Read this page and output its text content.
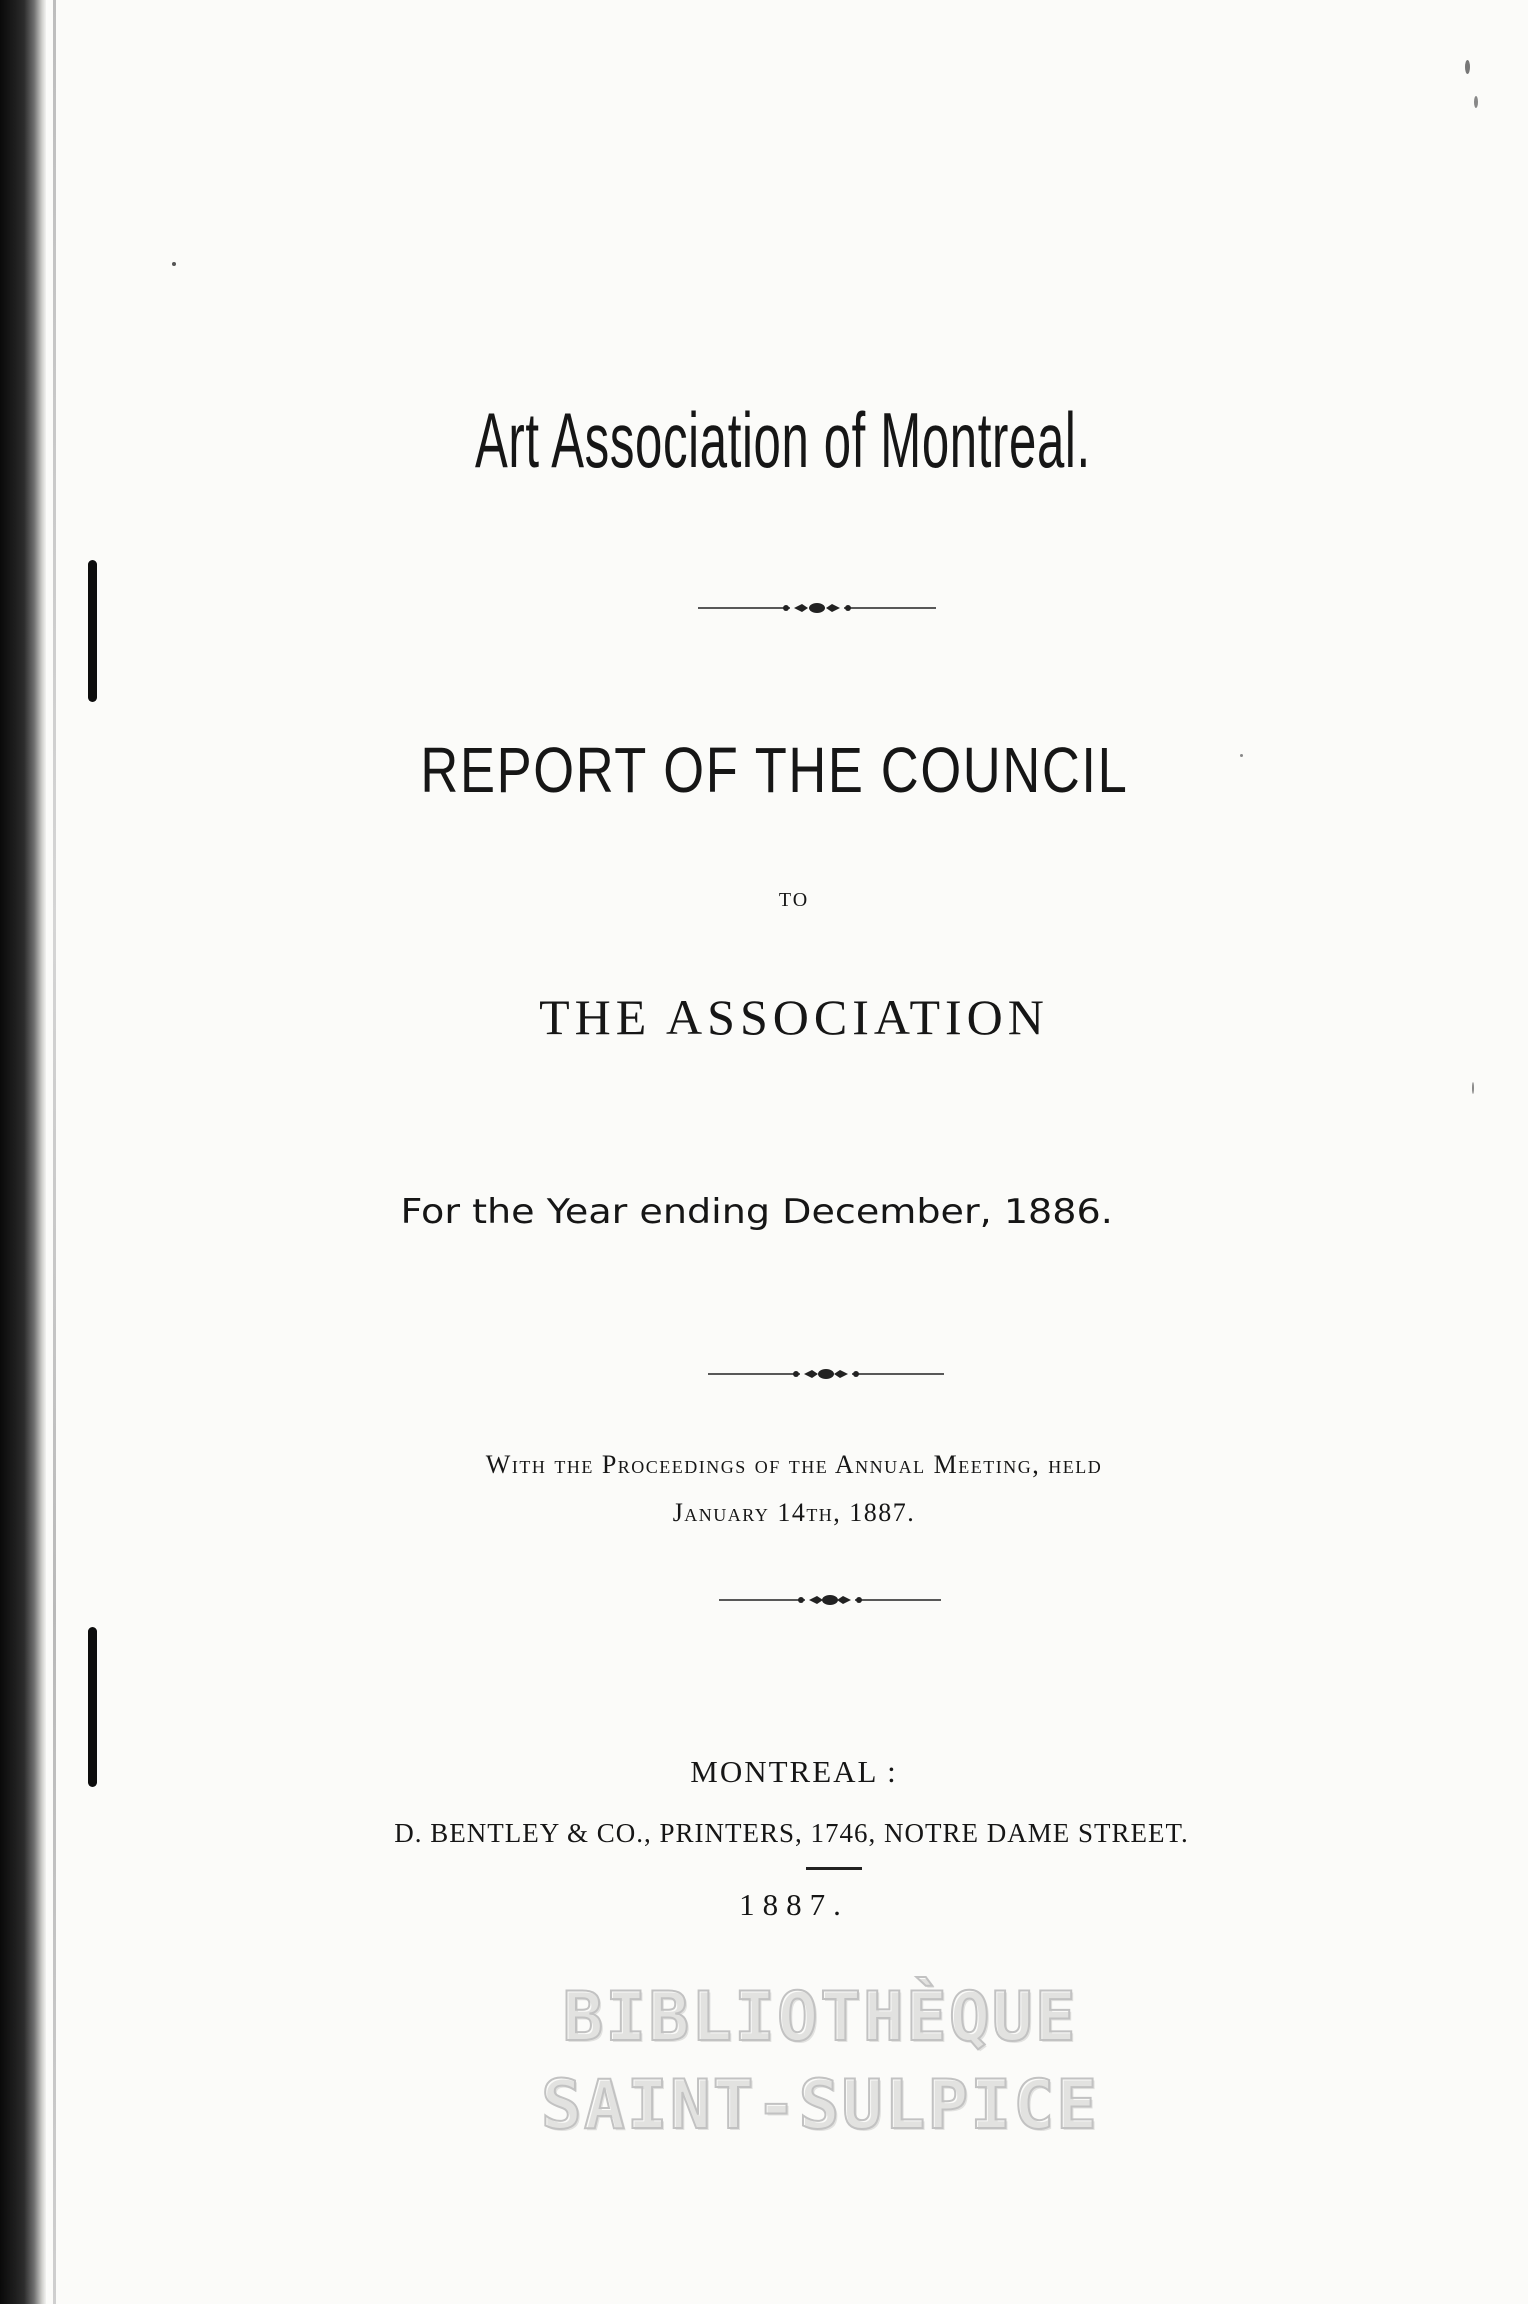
Art Association of Montreal.
REPORT OF THE COUNCIL
TO
THE ASSOCIATION
For the Year ending December, 1886.
With the Proceedings of the Annual Meeting, held
January 14th, 1887.
MONTREAL :
D. BENTLEY & CO., PRINTERS, 1746, NOTRE DAME STREET.
1887.
BIBLIOTHÈQUE
SAINT-SULPICE
